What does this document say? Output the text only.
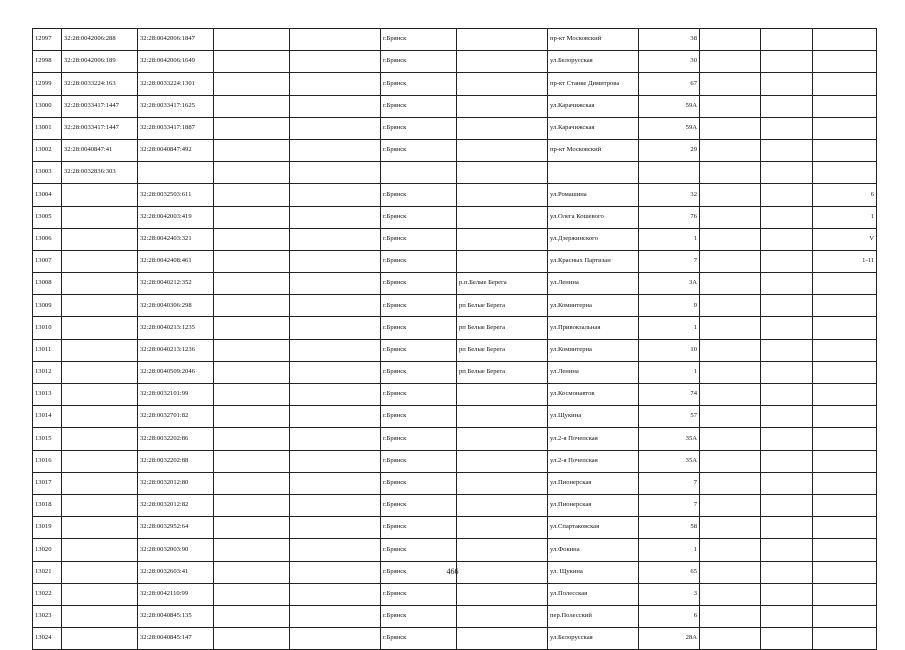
12997	32:28:0042006:288	32:28:0042006:1847			г.Брянск		пр-кт Московский	38			
12998	32:28:0042006:189	32:28:0042006:1649			г.Брянск		ул.Белорусская	30			
12999	32:28:0033224:163	32:28:0033224:1301			г.Брянск		пр-кт Станке Димитрова	67			
13000	32:28:0033417:1447	32:28:0033417:1625			г.Брянск		ул.Карачижская	59А			
13001	32:28:0033417:1447	32:28:0033417:1887			г.Брянск		ул.Карачижская	59А			
13002	32:28:0040847:41	32:28:0040847:492			г.Брянск		пр-кт Московский	29			
13003	32:28:0032836:303										
13004		32:28:0032503:611			г.Брянск		ул.Ромашина	32			6
13005		32:28:0042003:419			г.Брянск		ул.Олега Кошевого	76			1
13006		32:28:0042403:321			г.Брянск		ул.Дзержинского	1			V
13007		32:28:0042408:461			г.Брянск		ул.Красных Партизан	7			1-11
13008		32:28:0040212:352			г.Брянск	р.п.Белые Берега	ул.Ленина	3А			
13009		32:28:0040306:298			г.Брянск	рп Белые Берега	ул.Коминтерна	9			
13010		32:28:0040213:1235			г.Брянск	рп Белые Берега	ул.Привокзальная	1			
13011		32:28:0040213:1236			г.Брянск	рп Белые Берега	ул.Коминтерна	10			
13012		32:28:0040509:2046			г.Брянск	рп Белые Берега	ул.Ленина	1			
13013		32:28:0032101:99			г.Брянск		ул.Космонавтов	74			
13014		32:28:0032701:82			г.Брянск		ул.Щукина	57			
13015		32:28:0032202:86			г.Брянск		ул.2-я Почепская	35А			
13016		32:28:0032202:88			г.Брянск		ул.2-я Почепская	35А			
13017		32:28:0032012:80			г.Брянск		ул.Пионерская	7			
13018		32:28:0032012:82			г.Брянск		ул.Пионерская	7			
13019		32:28:0032952:64			г.Брянск		ул.Спартаковская	58			
13020		32:28:0032003:90			г.Брянск		ул.Фокина	1			
13021		32:28:0032603:41			г.Брянск		ул. Щукина	65			
13022		32:28:0042110:99			г.Брянск		ул.Полесская	3			
13023		32:28:0040845:135			г.Брянск		пер.Полесский	6			
13024		32:28:0040845:147			г.Брянск		ул.Белорусская	28А			
466
